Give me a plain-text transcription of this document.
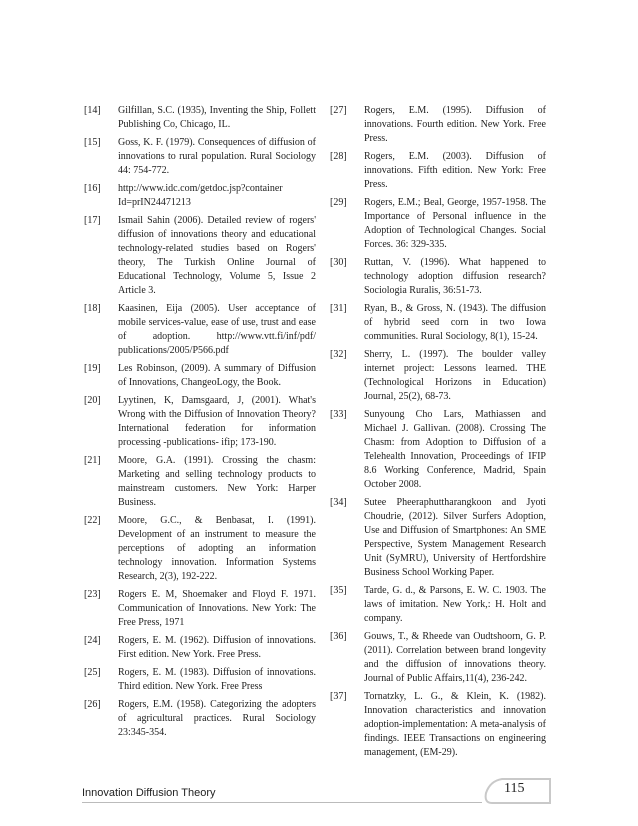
[14] Gilfillan, S.C. (1935), Inventing the Ship, Follett Publishing Co, Chicago, IL.
[15] Goss, K. F. (1979). Consequences of diffusion of innovations to rural population. Rural Sociology 44: 754-772.
[16] http://www.idc.com/getdoc.jsp?container Id=prIN24471213
[17] Ismail Sahin (2006). Detailed review of rogers' diffusion of innovations theory and educational technology-related studies based on Rogers' theory, The Turkish Online Journal of Educational Technology, Volume 5, Issue 2 Article 3.
[18] Kaasinen, Eija (2005). User acceptance of mobile services-value, ease of use, trust and ease of adoption. http://www.vtt.fi/inf/pdf/ publications/2005/P566.pdf
[19] Les Robinson, (2009). A summary of Diffusion of Innovations, ChangeoLogy, the Book.
[20] Lyytinen, K, Damsgaard, J, (2001). What's Wrong with the Diffusion of Innovation Theory? International federation for information processing -publications- ifip; 173-190.
[21] Moore, G.A. (1991). Crossing the chasm: Marketing and selling technology products to mainstream customers. New York: Harper Business.
[22] Moore, G.C., & Benbasat, I. (1991). Development of an instrument to measure the perceptions of adopting an information technology innovation. Information Systems Research, 2(3), 192-222.
[23] Rogers E. M, Shoemaker and Floyd F. 1971. Communication of Innovations. New York: The Free Press, 1971
[24] Rogers, E. M. (1962). Diffusion of innovations. First edition. New York. Free Press.
[25] Rogers, E. M. (1983). Diffusion of innovations. Third edition. New York. Free Press
[26] Rogers, E.M. (1958). Categorizing the adopters of agricultural practices. Rural Sociology 23:345-354.
[27] Rogers, E.M. (1995). Diffusion of innovations. Fourth edition. New York. Free Press.
[28] Rogers, E.M. (2003). Diffusion of innovations. Fifth edition. New York: Free Press.
[29] Rogers, E.M.; Beal, George, 1957-1958. The Importance of Personal influence in the Adoption of Technological Changes. Social Forces. 36: 329-335.
[30] Ruttan, V. (1996). What happened to technology adoption diffusion research? Sociologia Ruralis, 36:51-73.
[31] Ryan, B., & Gross, N. (1943). The diffusion of hybrid seed corn in two Iowa communities. Rural Sociology, 8(1), 15-24.
[32] Sherry, L. (1997). The boulder valley internet project: Lessons learned. THE (Technological Horizons in Education) Journal, 25(2), 68-73.
[33] Sunyoung Cho Lars, Mathiassen and Michael J. Gallivan. (2008). Crossing The Chasm: from Adoption to Diffusion of a Telehealth Innovation, Proceedings of IFIP 8.6 Working Conference, Madrid, Spain October 2008.
[34] Sutee Pheeraphuttharangkoon and Jyoti Choudrie, (2012). Silver Surfers Adoption, Use and Diffusion of Smartphones: An SME Perspective, System Management Research Unit (SyMRU), University of Hertfordshire Business School Working Paper.
[35] Tarde, G. d., & Parsons, E. W. C. 1903. The laws of imitation. New York,: H. Holt and company.
[36] Gouws, T., & Rheede van Oudtshoorn, G. P. (2011). Correlation between brand longevity and the diffusion of innovations theory. Journal of Public Affairs,11(4), 236-242.
[37] Tornatzky, L. G., & Klein, K. (1982). Innovation characteristics and innovation adoption-implementation: A meta-analysis of findings. IEEE Transactions on engineering management, (EM-29).
Innovation Diffusion Theory	115
